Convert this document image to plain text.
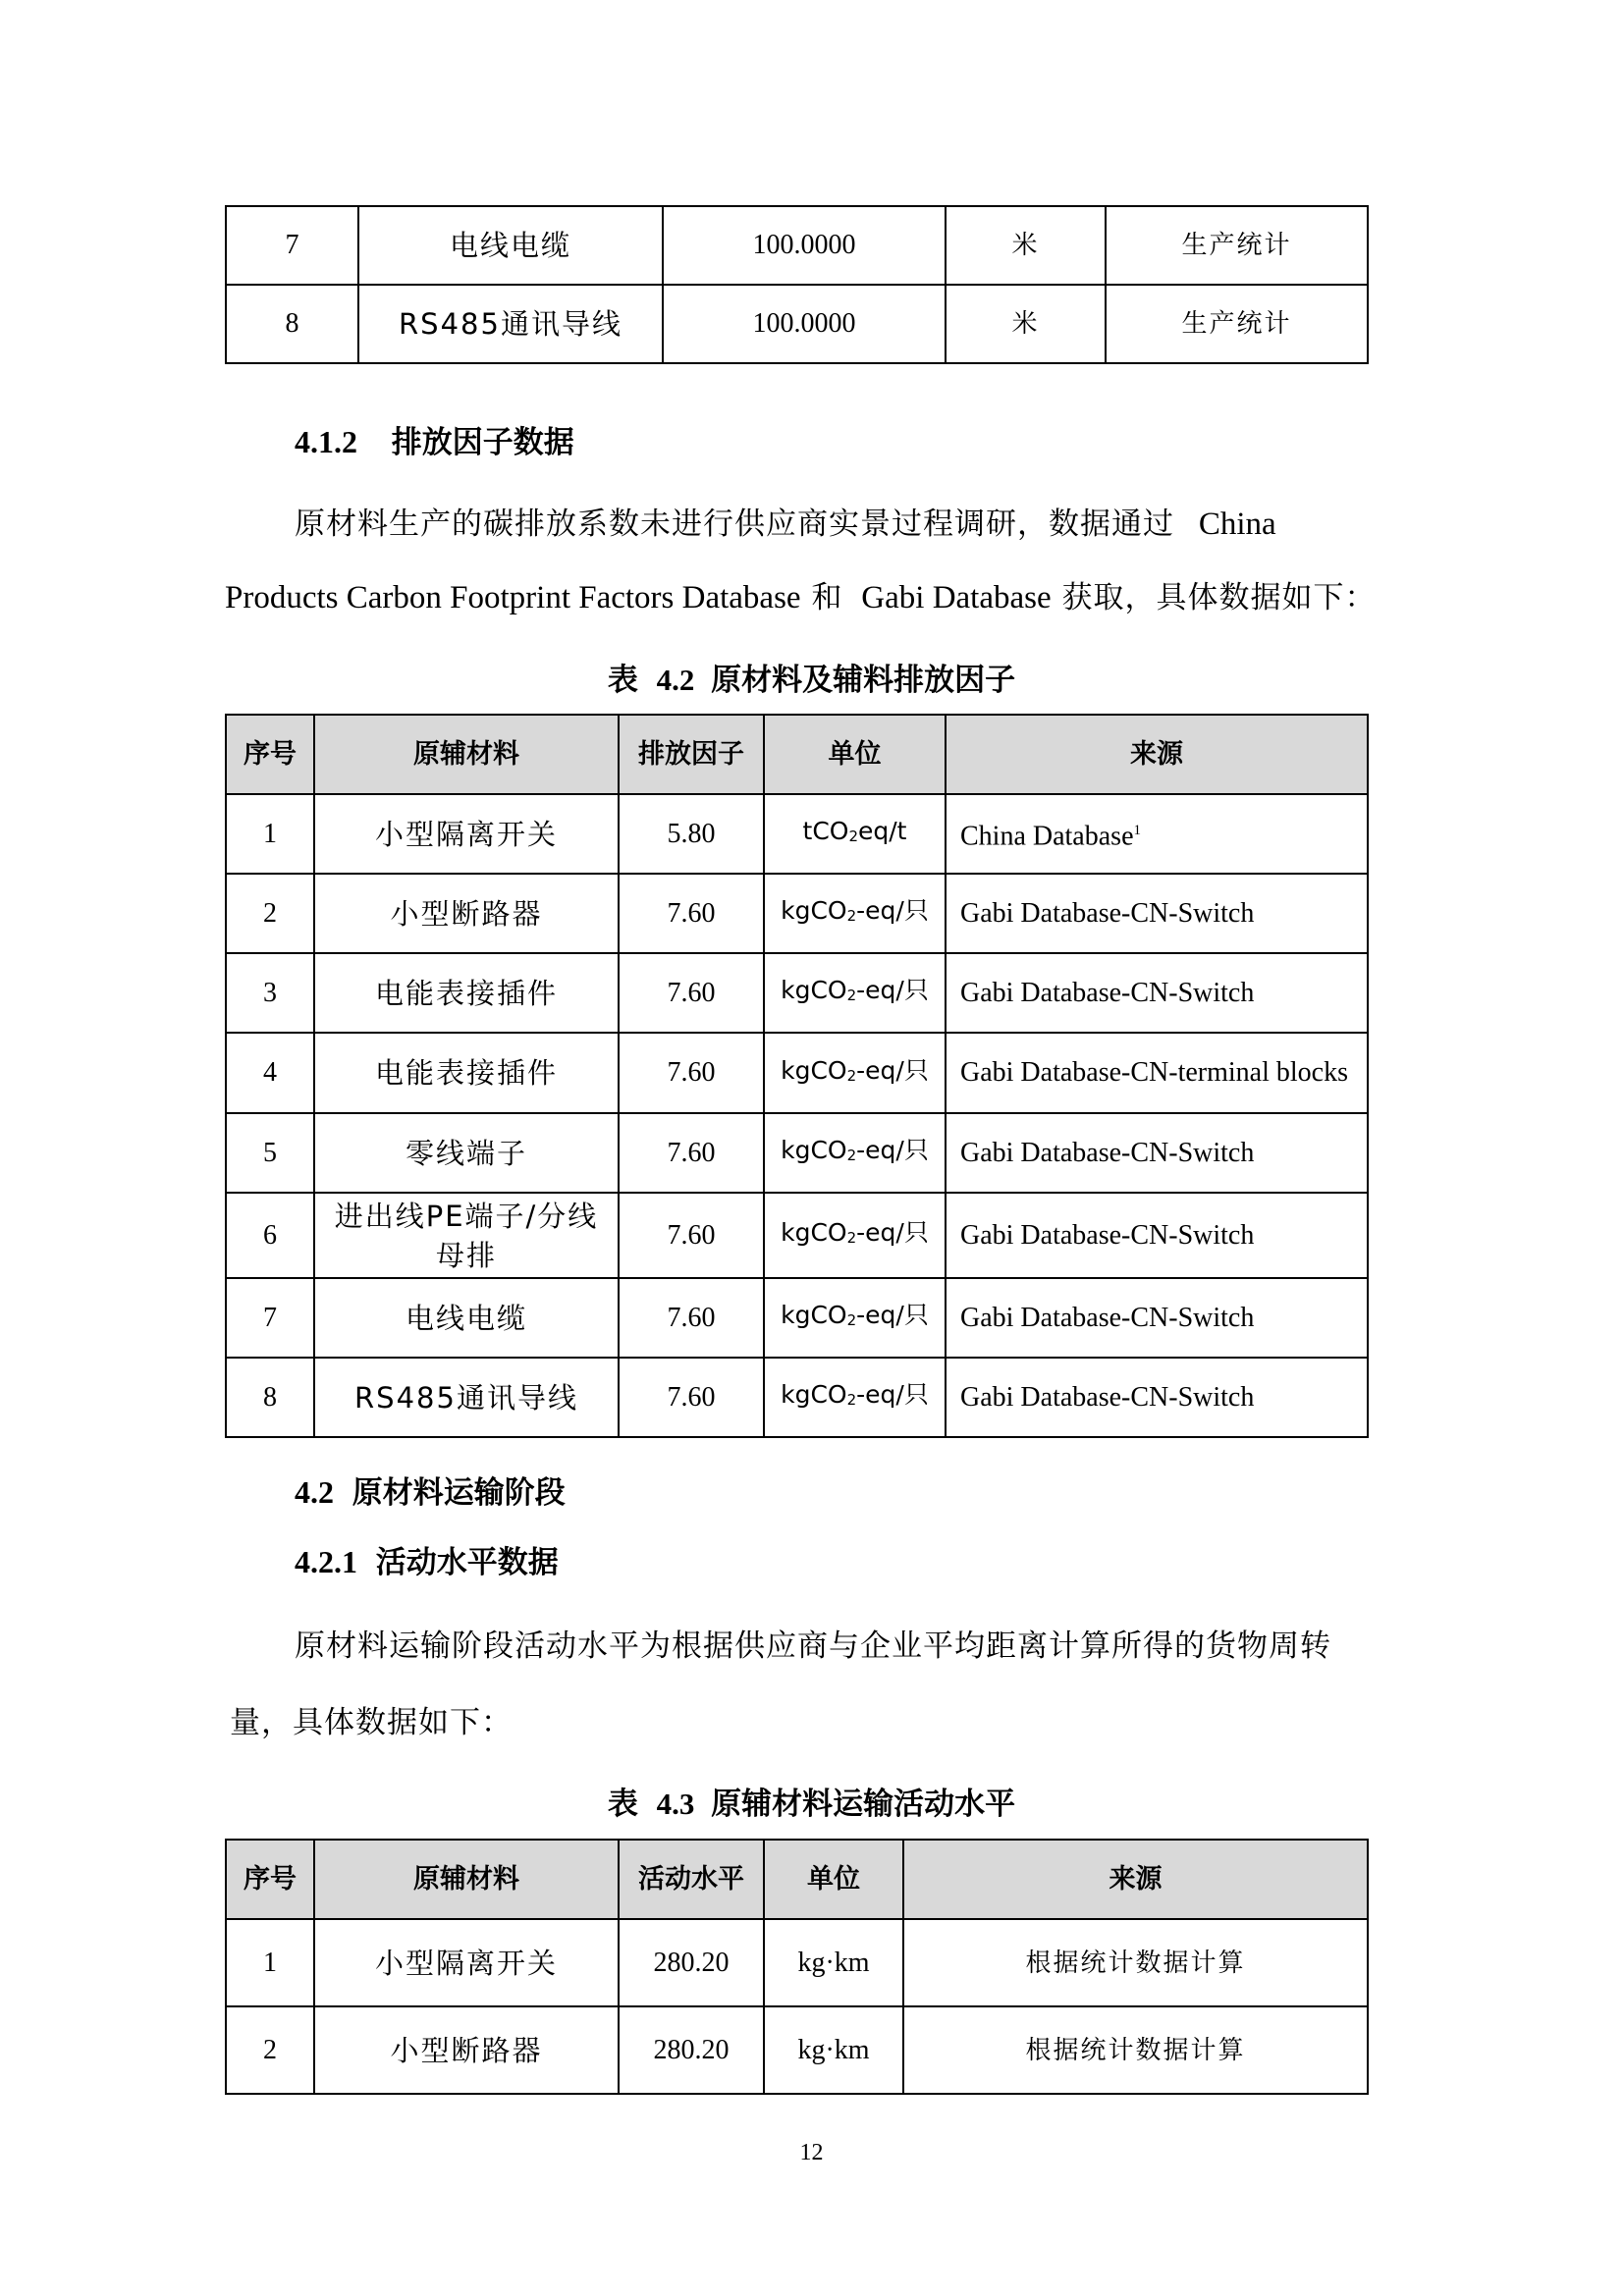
7	电线电缆	100.0000	米	生产统计
8	RS485通讯导线	100.0000	米	生产统计
4.1.2 排放因子数据
原材料生产的碳排放系数未进行供应商实景过程调研，数据通过 China
Products Carbon Footprint Factors Database 和 Gabi Database 获取，具体数据如下：
表 4.2 原材料及辅料排放因子
序号	原辅材料	排放因子	单位	来源
1	小型隔离开关	5.80	tCO$_2$eq/t	China Database$^1$
2	小型断路器	7.60	kgCO$_2$-eq/只	Gabi Database-CN-Switch
3	电能表接插件	7.60	kgCO$_2$-eq/只	Gabi Database-CN-Switch
4	电能表接插件	7.60	kgCO$_2$-eq/只	Gabi Database-CN-terminal blocks
5	零线端子	7.60	kgCO$_2$-eq/只	Gabi Database-CN-Switch
6	进出线PE端子/分线母排	7.60	kgCO$_2$-eq/只	Gabi Database-CN-Switch
7	电线电缆	7.60	kgCO$_2$-eq/只	Gabi Database-CN-Switch
8	RS485通讯导线	7.60	kgCO$_2$-eq/只	Gabi Database-CN-Switch
4.2 原材料运输阶段
4.2.1 活动水平数据
原材料运输阶段活动水平为根据供应商与企业平均距离计算所得的货物周转
量，具体数据如下：
表 4.3 原辅材料运输活动水平
序号	原辅材料	活动水平	单位	来源
1	小型隔离开关	280.20	kg·km	根据统计数据计算
2	小型断路器	280.20	kg·km	根据统计数据计算
12
